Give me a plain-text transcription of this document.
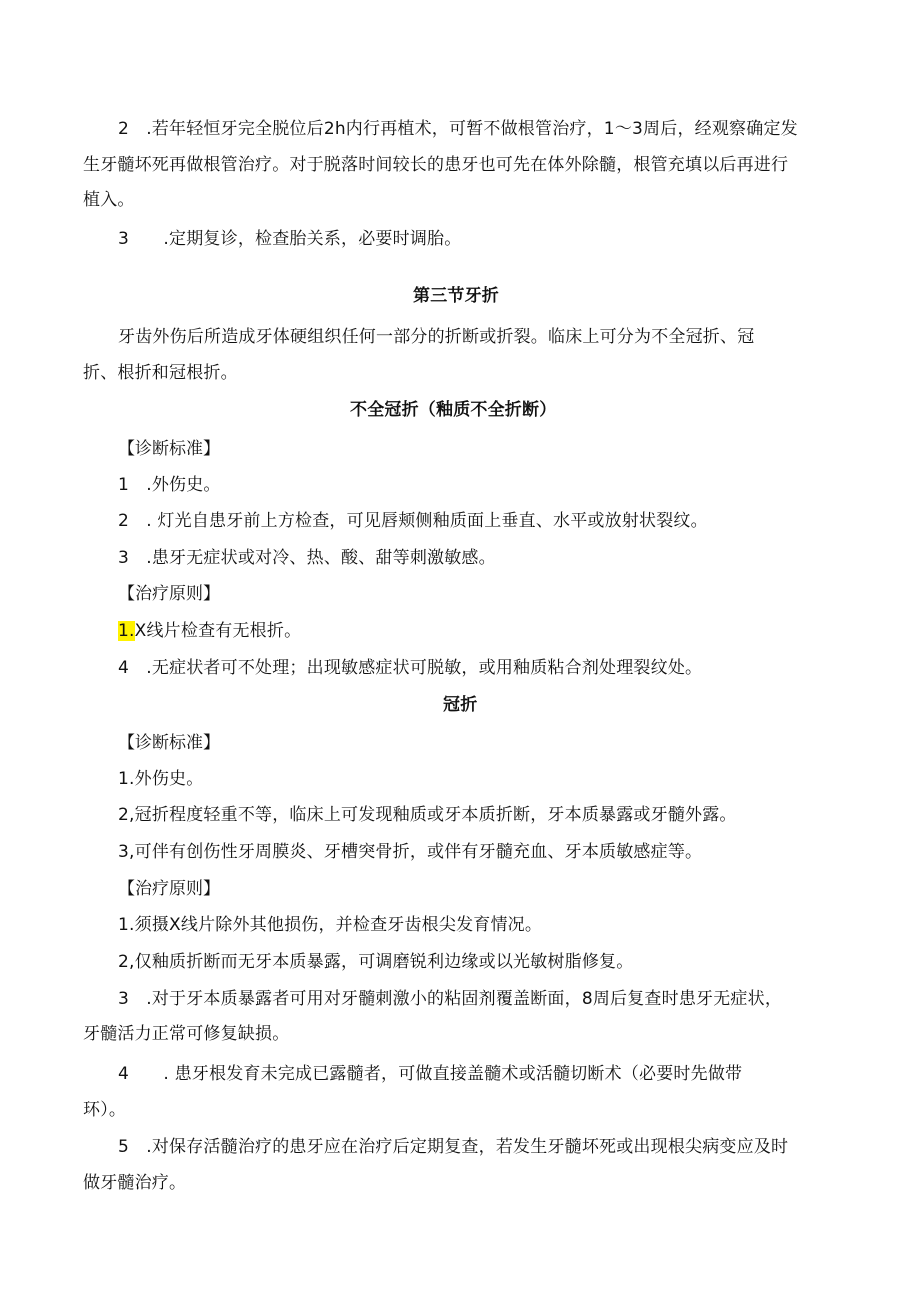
2　.若年轻恒牙完全脱位后2h内行再植术，可暂不做根管治疗，1～3周后，经观察确定发
生牙髓坏死再做根管治疗。对于脱落时间较长的患牙也可先在体外除髓，根管充填以后再进行
植入。
3　　.定期复诊，检查胎关系，必要时调胎。
第三节牙折
牙齿外伤后所造成牙体硬组织任何一部分的折断或折裂。临床上可分为不全冠折、冠
折、根折和冠根折。
不全冠折（釉质不全折断）
【诊断标准】
1　.外伤史。
2　. 灯光自患牙前上方检查，可见唇颊侧釉质面上垂直、水平或放射状裂纹。
3　.患牙无症状或对冷、热、酸、甜等刺激敏感。
【治疗原则】
1.X线片检查有无根折。
4　.无症状者可不处理；出现敏感症状可脱敏，或用釉质粘合剂处理裂纹处。
冠折
【诊断标准】
1.外伤史。
2,冠折程度轻重不等，临床上可发现釉质或牙本质折断，牙本质暴露或牙髓外露。
3,可伴有创伤性牙周膜炎、牙槽突骨折，或伴有牙髓充血、牙本质敏感症等。
【治疗原则】
1.须摄X线片除外其他损伤，并检查牙齿根尖发育情况。
2,仅釉质折断而无牙本质暴露，可调磨锐利边缘或以光敏树脂修复。
3　.对于牙本质暴露者可用对牙髓刺激小的粘固剂覆盖断面，8周后复查时患牙无症状，
牙髓活力正常可修复缺损。
4　　. 患牙根发育未完成已露髓者，可做直接盖髓术或活髓切断术（必要时先做带
环）。
5　.对保存活髓治疗的患牙应在治疗后定期复查，若发生牙髓坏死或出现根尖病变应及时
做牙髓治疗。
